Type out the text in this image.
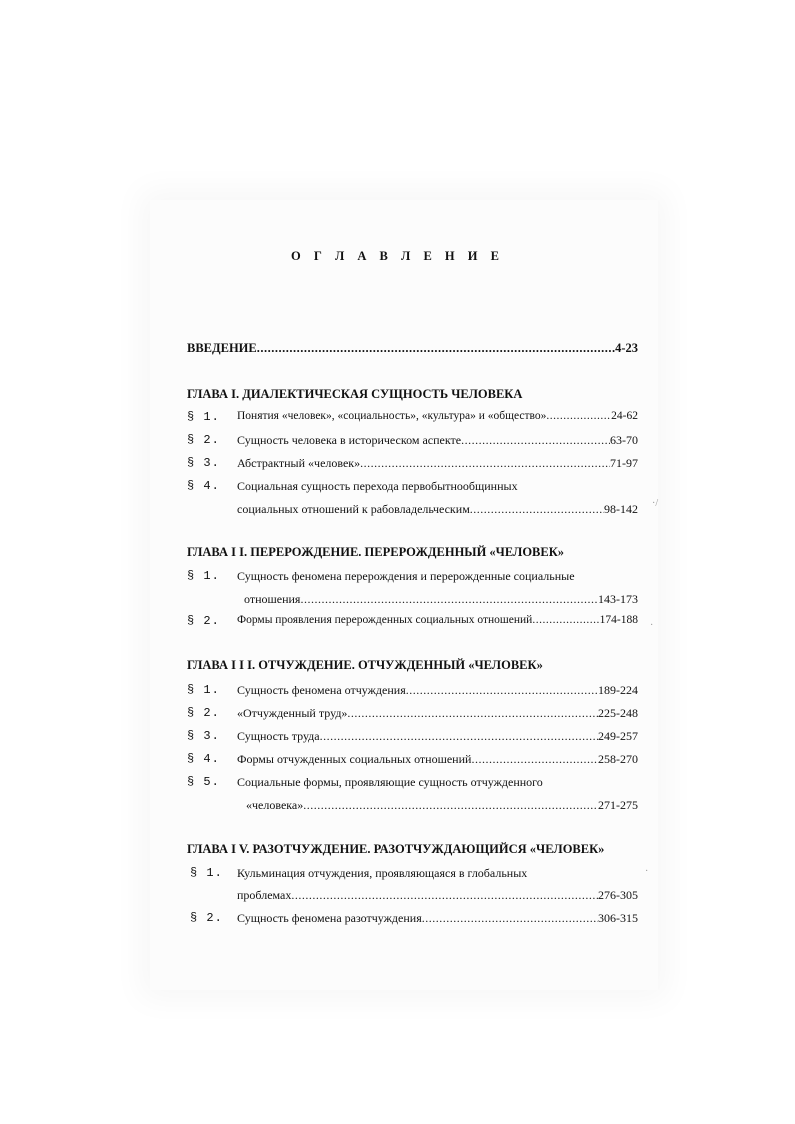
О Г Л А В Л Е Н И Е
ВВЕДЕНИЕ .....	4-23
ГЛАВА I. ДИАЛЕКТИЧЕСКАЯ СУЩНОСТЬ ЧЕЛОВЕКА
§ 1. Понятия «человек», «социальность», «культура» и «общество» .....	24-62
§ 2. Сущность человека в историческом аспекте .....	63-70
§ 3. Абстрактный «человек» .....	71-97
§ 4. Социальная сущность перехода первобытнообщинных
социальных отношений к рабовладельческим .....	98-142
ГЛАВА I I. ПЕРЕРОЖДЕНИЕ. ПЕРЕРОЖДЕННЫЙ «ЧЕЛОВЕК»
§ 1. Сущность феномена перерождения и перерожденные социальные
отношения .....	143-173
§ 2. Формы проявления перерожденных социальных отношений .....	174-188
ГЛАВА I I I. ОТЧУЖДЕНИЕ. ОТЧУЖДЕННЫЙ «ЧЕЛОВЕК»
§ 1. Сущность феномена отчуждения .....	189-224
§ 2. «Отчужденный труд» .....	225-248
§ 3. Сущность труда .....	249-257
§ 4. Формы отчужденных социальных отношений .....	258-270
§ 5. Социальные формы, проявляющие сущность отчужденного
«человека» .....	271-275
ГЛАВА I V. РАЗОТЧУЖДЕНИЕ. РАЗОТЧУЖДАЮЩИЙСЯ «ЧЕЛОВЕК»
§ 1. Кульминация отчуждения, проявляющаяся в глобальных
проблемах .....	276-305
§ 2. Сущность феномена разотчуждения .....	306-315
·/
·
·
